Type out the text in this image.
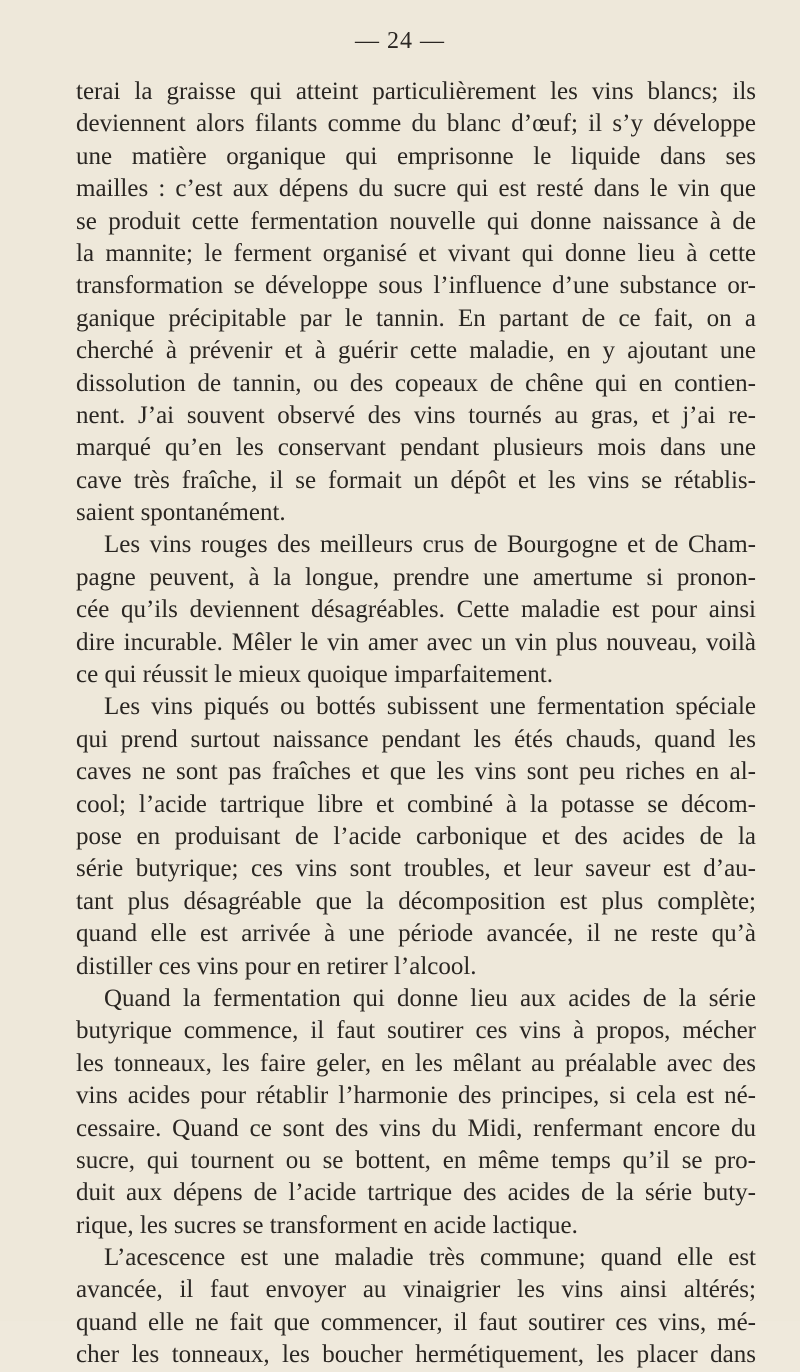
— 24 —
terai la graisse qui atteint particulièrement les vins blancs; ils
deviennent alors filants comme du blanc d’œuf; il s’y développe
une matière organique qui emprisonne le liquide dans ses
mailles : c’est aux dépens du sucre qui est resté dans le vin que
se produit cette fermentation nouvelle qui donne naissance à de
la mannite; le ferment organisé et vivant qui donne lieu à cette
transformation se développe sous l’influence d’une substance or-
ganique précipitable par le tannin. En partant de ce fait, on a
cherché à prévenir et à guérir cette maladie, en y ajoutant une
dissolution de tannin, ou des copeaux de chêne qui en contien-
nent. J’ai souvent observé des vins tournés au gras, et j’ai re-
marqué qu’en les conservant pendant plusieurs mois dans une
cave très fraîche, il se formait un dépôt et les vins se rétablis-
saient spontanément.
Les vins rouges des meilleurs crus de Bourgogne et de Cham-
pagne peuvent, à la longue, prendre une amertume si pronon-
cée qu’ils deviennent désagréables. Cette maladie est pour ainsi
dire incurable. Mêler le vin amer avec un vin plus nouveau, voilà
ce qui réussit le mieux quoique imparfaitement.
Les vins piqués ou bottés subissent une fermentation spéciale
qui prend surtout naissance pendant les étés chauds, quand les
caves ne sont pas fraîches et que les vins sont peu riches en al-
cool; l’acide tartrique libre et combiné à la potasse se décom-
pose en produisant de l’acide carbonique et des acides de la
série butyrique; ces vins sont troubles, et leur saveur est d’au-
tant plus désagréable que la décomposition est plus complète;
quand elle est arrivée à une période avancée, il ne reste qu’à
distiller ces vins pour en retirer l’alcool.
Quand la fermentation qui donne lieu aux acides de la série
butyrique commence, il faut soutirer ces vins à propos, mécher
les tonneaux, les faire geler, en les mêlant au préalable avec des
vins acides pour rétablir l’harmonie des principes, si cela est né-
cessaire. Quand ce sont des vins du Midi, renfermant encore du
sucre, qui tournent ou se bottent, en même temps qu’il se pro-
duit aux dépens de l’acide tartrique des acides de la série buty-
rique, les sucres se transforment en acide lactique.
L’acescence est une maladie très commune; quand elle est
avancée, il faut envoyer au vinaigrier les vins ainsi altérés;
quand elle ne fait que commencer, il faut soutirer ces vins, mé-
cher les tonneaux, les boucher hermétiquement, les placer dans
